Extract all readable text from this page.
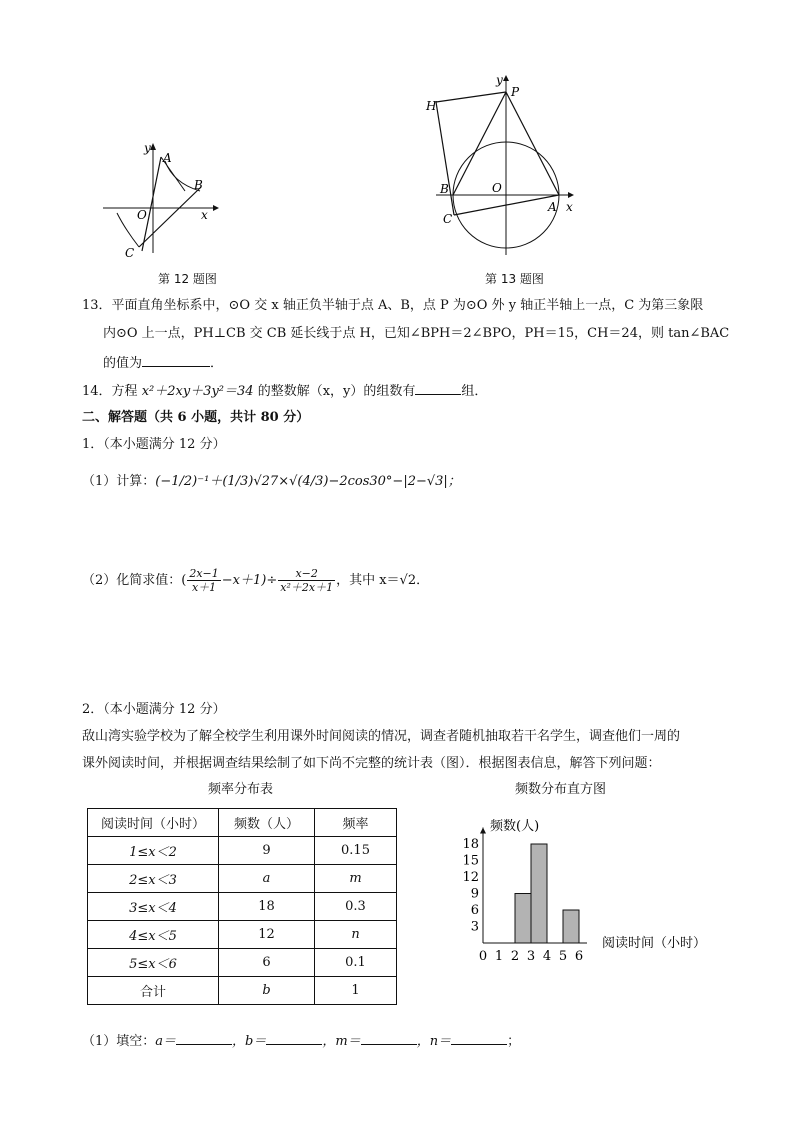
y
x
A
B
O
C
第 12 题图
y
P
H
B	O
A x
C
第 13 题图
13．平面直角坐标系中，⊙O 交 x 轴正负半轴于点 A、B，点 P 为⊙O 外 y 轴正半轴上一点，C 为第三象限
内⊙O 上一点，PH⊥CB 交 CB 延长线于点 H，已知∠BPH＝2∠BPO，PH＝15，CH＝24，则 tan∠BAC
的值为	．
14．方程 x²＋2xy＋3y²＝34 的整数解（x，y）的组数有	组．
二、解答题（共 6 小题，共计 80 分）
1．（本小题满分 12 分）
（1）计算：(−1/2)⁻¹＋(1/3)√27×√(4/3)−2cos30°−|2−√3|；
（2）化简求值：( $\frac{2x-1}{x+1} -x+1)\div \frac{x-2}{\text{x²＋2x＋1}}$ ，其中 x＝√2．
2．（本小题满分 12 分）
敌山湾实验学校为了解全校学生利用课外时间阅读的情况，调查者随机抽取若干名学生，调查他们一周的
课外阅读时间，并根据调查结果绘制了如下尚不完整的统计表（图）．根据图表信息，解答下列问题：
频率分布表
阅读时间（小时）	频数（人）	频率
1≤x＜2	9	0.15
2≤x＜3	a	m
3≤x＜4	18	0.3
4≤x＜5	12	n
5≤x＜6	6	0.1
合计	b	1
频数分布直方图
频数(人)
阅读时间（小时）
0 1 2 3 4 5 6
3
6
9
12
15
18
（1）填空：a＝	，b＝	，m＝	，n＝	；
